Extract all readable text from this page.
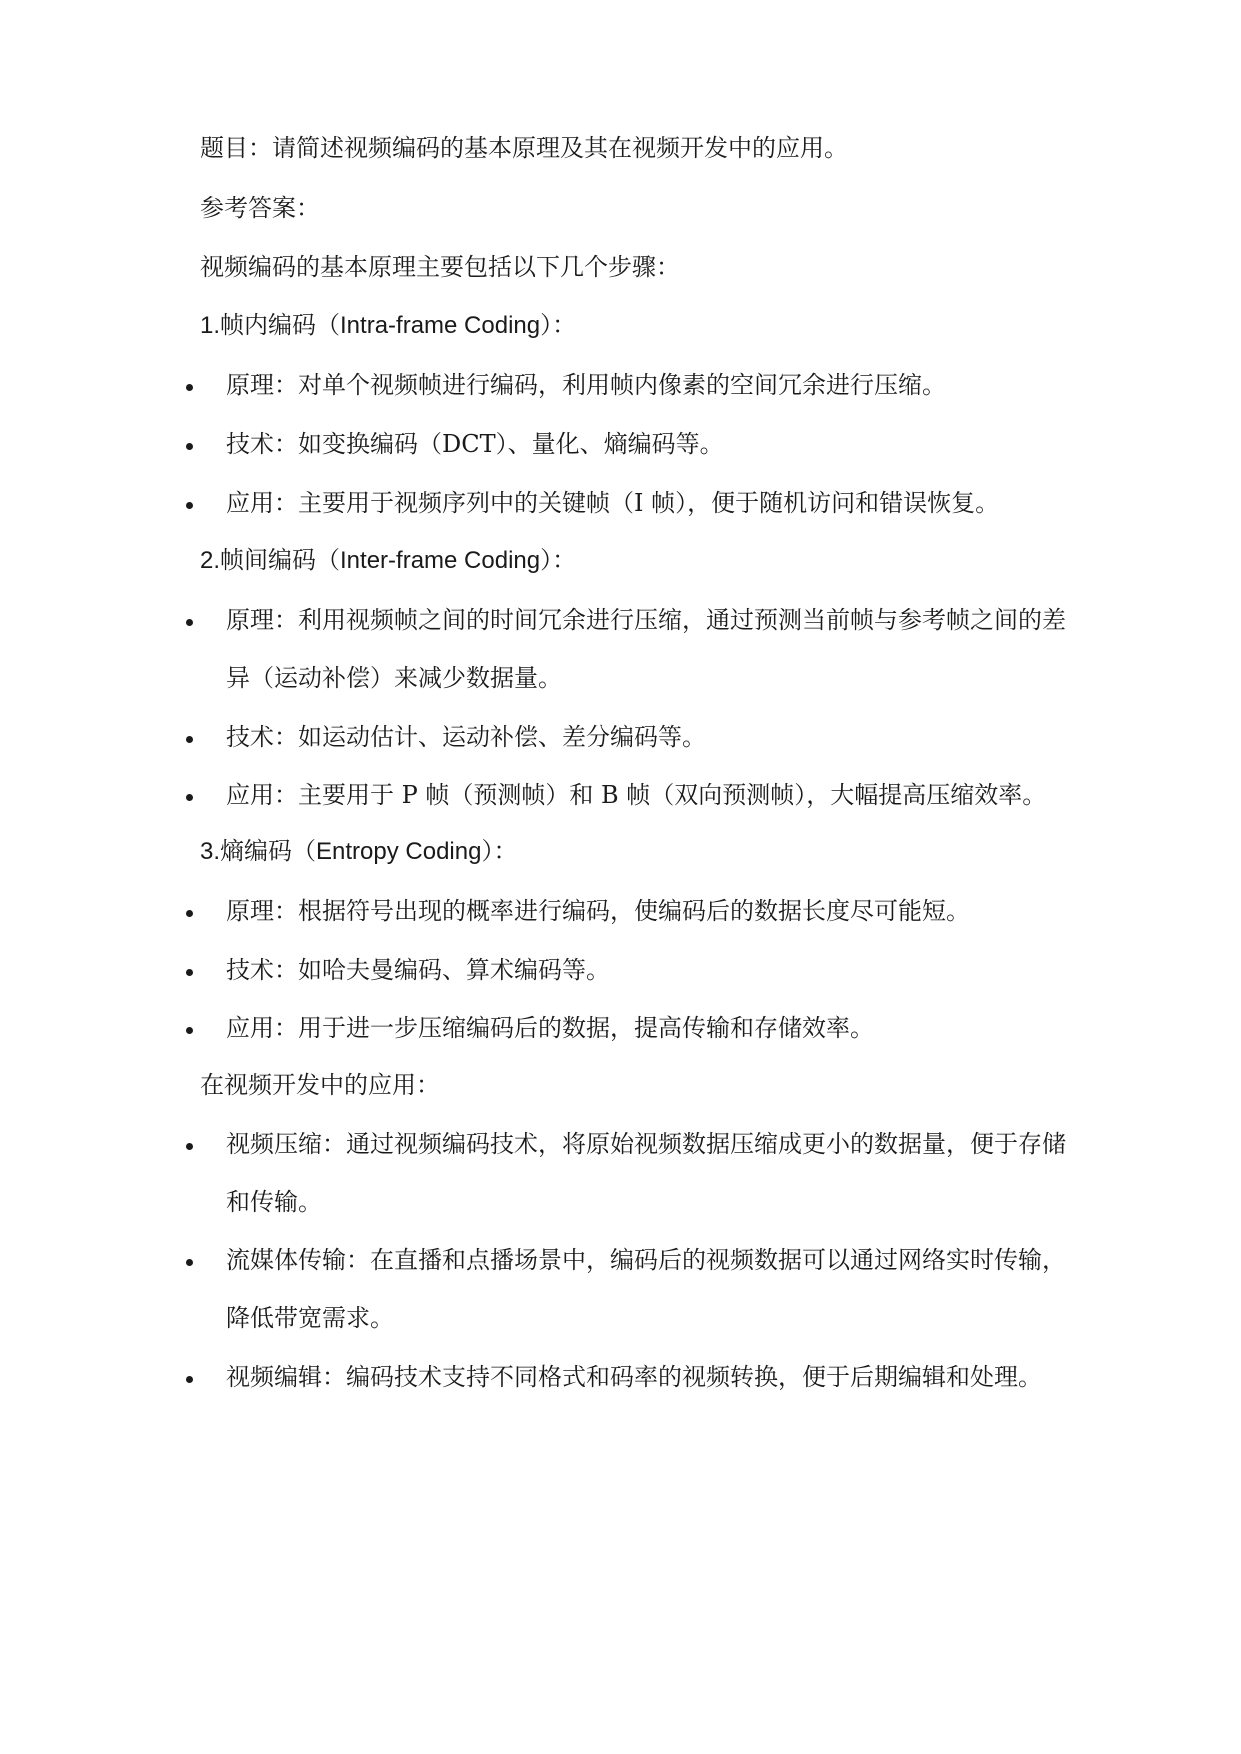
题目：请简述视频编码的基本原理及其在视频开发中的应用。
参考答案：
视频编码的基本原理主要包括以下几个步骤：
1.帧内编码（Intra-frame Coding）：
原理：对单个视频帧进行编码，利用帧内像素的空间冗余进行压缩。
技术：如变换编码（DCT）、量化、熵编码等。
应用：主要用于视频序列中的关键帧（I 帧），便于随机访问和错误恢复。
2.帧间编码（Inter-frame Coding）：
原理：利用视频帧之间的时间冗余进行压缩，通过预测当前帧与参考帧之间的差
异（运动补偿）来减少数据量。
技术：如运动估计、运动补偿、差分编码等。
应用：主要用于 P 帧（预测帧）和 B 帧（双向预测帧），大幅提高压缩效率。
3.熵编码（Entropy Coding）：
原理：根据符号出现的概率进行编码，使编码后的数据长度尽可能短。
技术：如哈夫曼编码、算术编码等。
应用：用于进一步压缩编码后的数据，提高传输和存储效率。
在视频开发中的应用：
视频压缩：通过视频编码技术，将原始视频数据压缩成更小的数据量，便于存储
和传输。
流媒体传输：在直播和点播场景中，编码后的视频数据可以通过网络实时传输，
降低带宽需求。
视频编辑：编码技术支持不同格式和码率的视频转换，便于后期编辑和处理。
